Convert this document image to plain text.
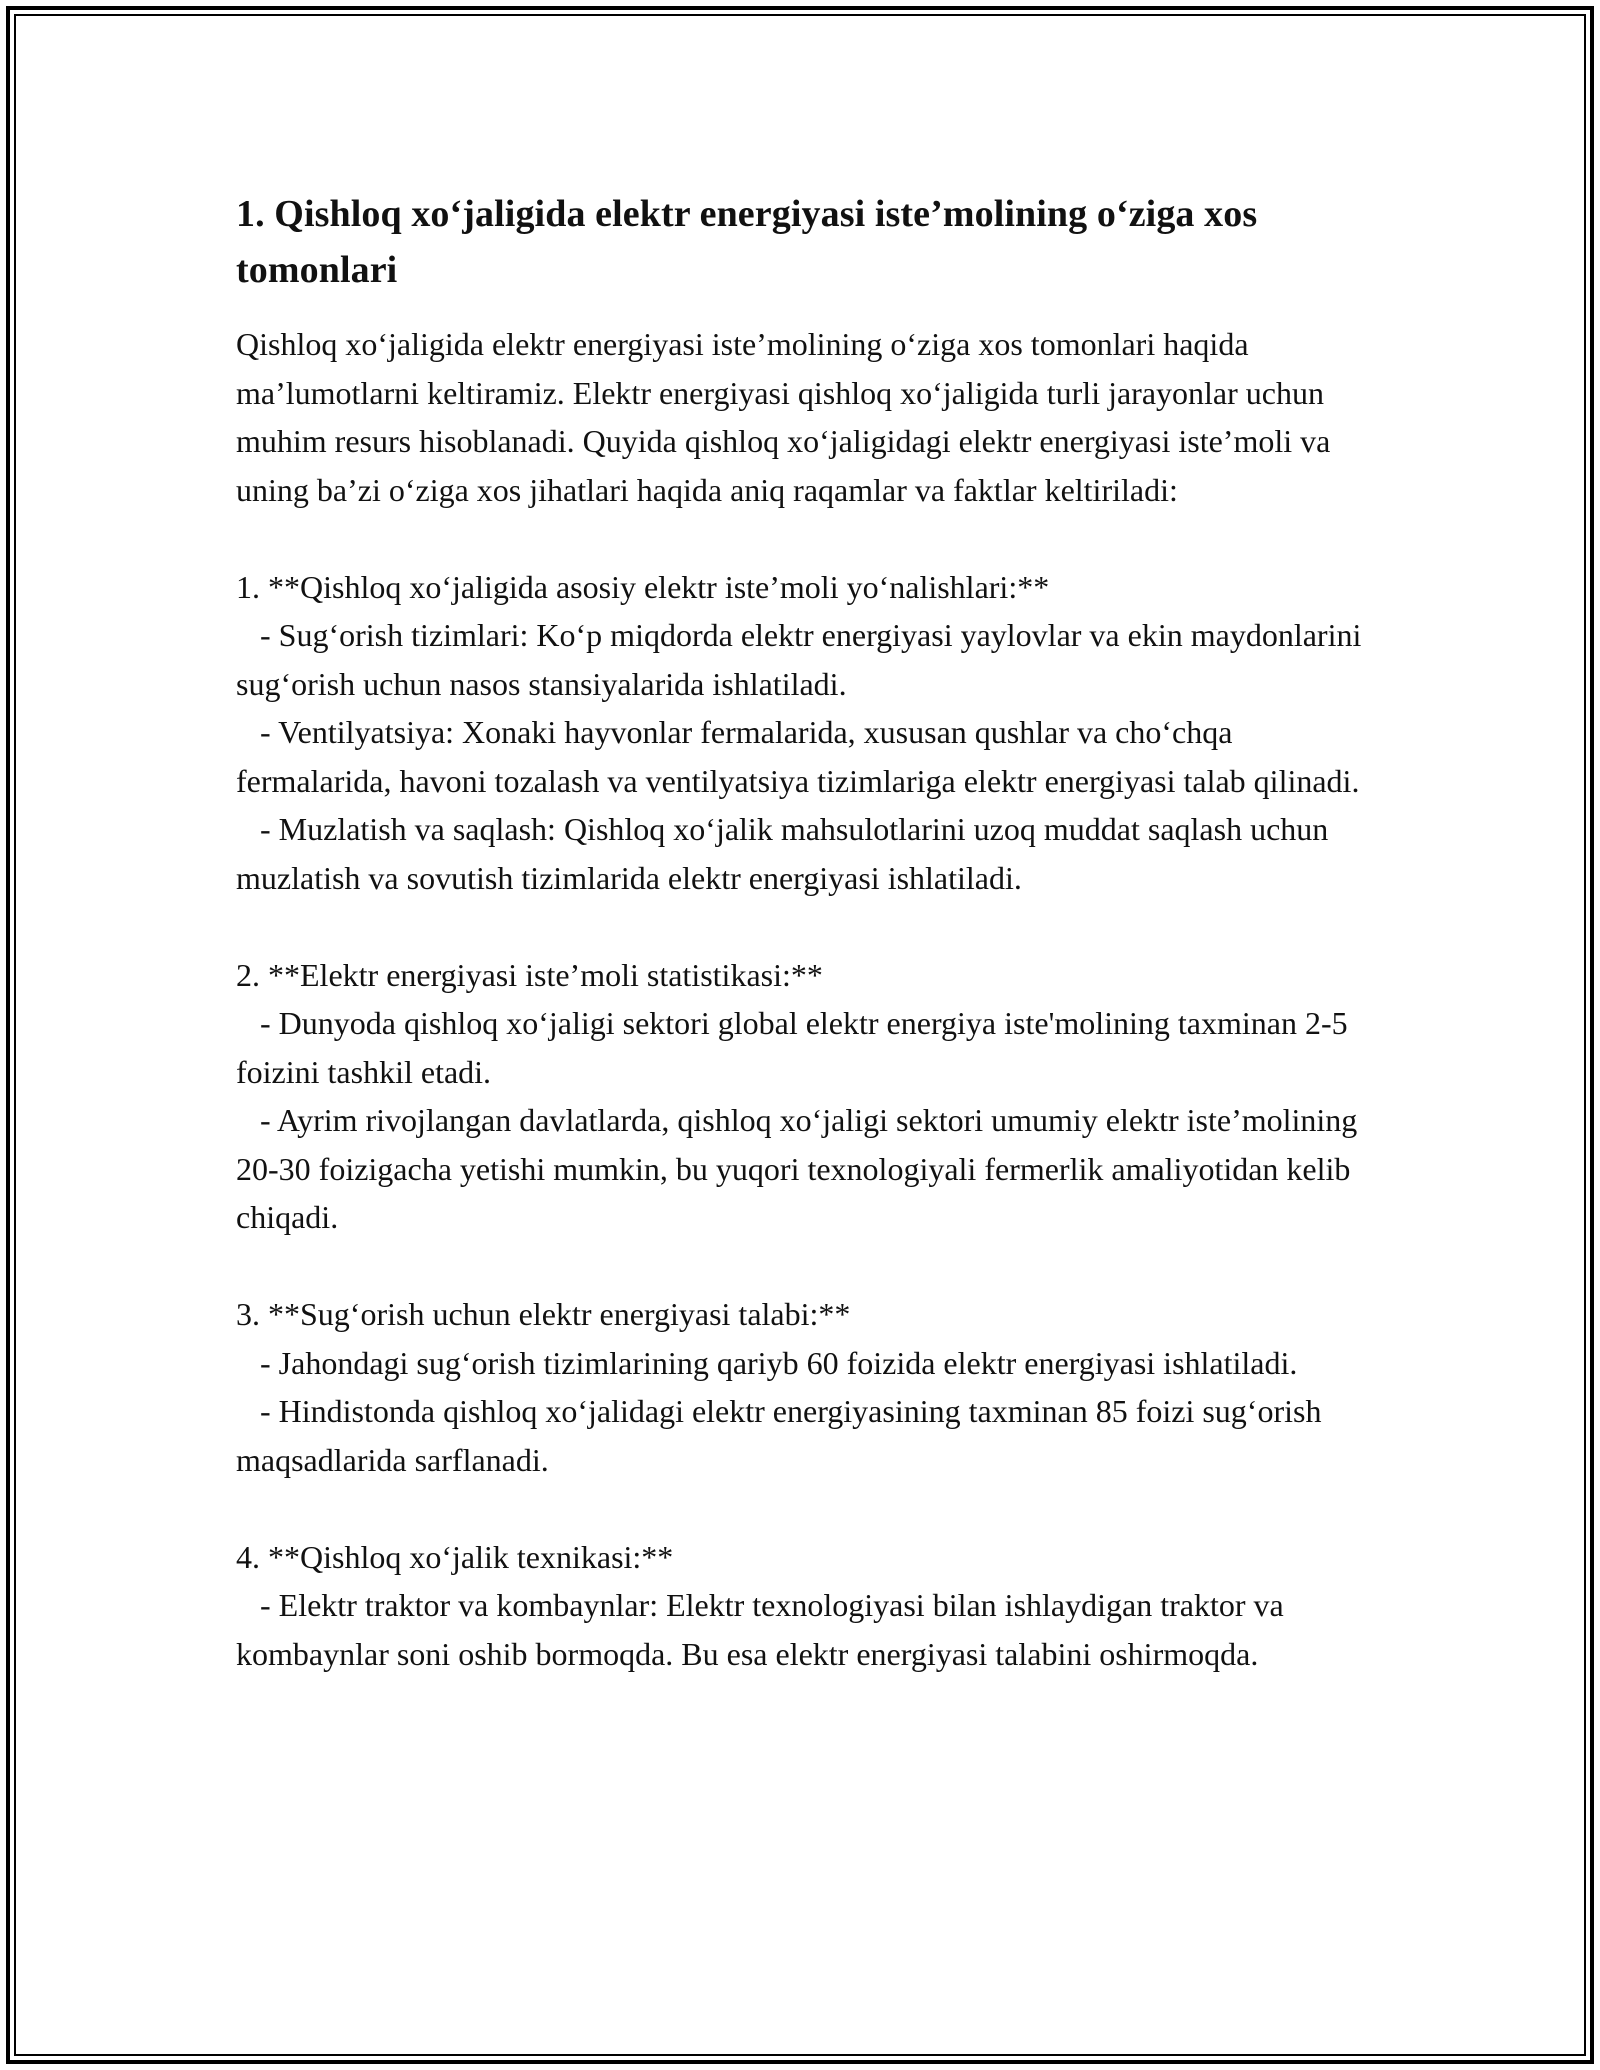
1. Qishloq xo‘jaligida elektr energiyasi iste’molining o‘ziga xos tomonlari

Qishloq xo‘jaligida elektr energiyasi iste’molining o‘ziga xos tomonlari haqida ma’lumotlarni keltiramiz. Elektr energiyasi qishloq xo‘jaligida turli jarayonlar uchun muhim resurs hisoblanadi. Quyida qishloq xo‘jaligidagi elektr energiyasi iste’moli va uning ba’zi o‘ziga xos jihatlari haqida aniq raqamlar va faktlar keltiriladi:

1. **Qishloq xo‘jaligida asosiy elektr iste’moli yo‘nalishlari:**
- Sug‘orish tizimlari: Ko‘p miqdorda elektr energiyasi yaylovlar va ekin maydonlarini sug‘orish uchun nasos stansiyalarida ishlatiladi.
- Ventilyatsiya: Xonaki hayvonlar fermalarida, xususan qushlar va cho‘chqa fermalarida, havoni tozalash va ventilyatsiya tizimlariga elektr energiyasi talab qilinadi.
- Muzlatish va saqlash: Qishloq xo‘jalik mahsulotlarini uzoq muddat saqlash uchun muzlatish va sovutish tizimlarida elektr energiyasi ishlatiladi.
2. **Elektr energiyasi iste’moli statistikasi:**
- Dunyoda qishloq xo‘jaligi sektori global elektr energiya iste'molining taxminan 2-5 foizini tashkil etadi.
- Ayrim rivojlangan davlatlarda, qishloq xo‘jaligi sektori umumiy elektr iste’molining 20-30 foizigacha yetishi mumkin, bu yuqori texnologiyali fermerlik amaliyotidan kelib chiqadi.
3. **Sug‘orish uchun elektr energiyasi talabi:**
- Jahondagi sug‘orish tizimlarining qariyb 60 foizida elektr energiyasi ishlatiladi.
- Hindistonda qishloq xo‘jalidagi elektr energiyasining taxminan 85 foizi sug‘orish maqsadlarida sarflanadi.
4. **Qishloq xo‘jalik texnikasi:**
- Elektr traktor va kombaynlar: Elektr texnologiyasi bilan ishlaydigan traktor va kombaynlar soni oshib bormoqda. Bu esa elektr energiyasi talabini oshirmoqda.
